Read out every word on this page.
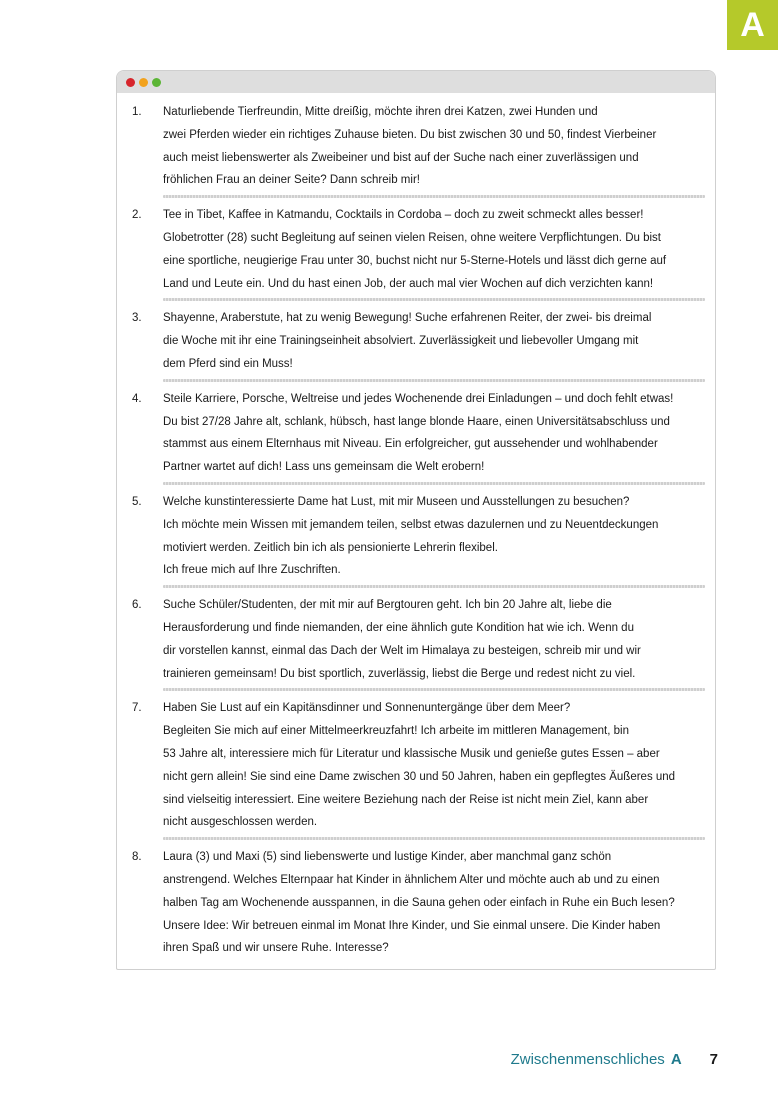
A
1. Naturliebende Tierfreundin, Mitte dreißig, möchte ihren drei Katzen, zwei Hunden und
zwei Pferden wieder ein richtiges Zuhause bieten. Du bist zwischen 30 und 50, findest Vierbeiner
auch meist liebenswerter als Zweibeiner und bist auf der Suche nach einer zuverlässigen und
fröhlichen Frau an deiner Seite? Dann schreib mir!
2. Tee in Tibet, Kaffee in Katmandu, Cocktails in Cordoba – doch zu zweit schmeckt alles besser!
Globetrotter (28) sucht Begleitung auf seinen vielen Reisen, ohne weitere Verpflichtungen. Du bist
eine sportliche, neugierige Frau unter 30, buchst nicht nur 5-Sterne-Hotels und lässt dich gerne auf
Land und Leute ein. Und du hast einen Job, der auch mal vier Wochen auf dich verzichten kann!
3. Shayenne, Araberstute, hat zu wenig Bewegung! Suche erfahrenen Reiter, der zwei- bis dreimal
die Woche mit ihr eine Trainingseinheit absolviert. Zuverlässigkeit und liebevoller Umgang mit
dem Pferd sind ein Muss!
4. Steile Karriere, Porsche, Weltreise und jedes Wochenende drei Einladungen – und doch fehlt etwas!
Du bist 27/28 Jahre alt, schlank, hübsch, hast lange blonde Haare, einen Universitätsabschluss und
stammst aus einem Elternhaus mit Niveau. Ein erfolgreicher, gut aussehender und wohlhabender
Partner wartet auf dich! Lass uns gemeinsam die Welt erobern!
5. Welche kunstinteressierte Dame hat Lust, mit mir Museen und Ausstellungen zu besuchen?
Ich möchte mein Wissen mit jemandem teilen, selbst etwas dazulernen und zu Neuentdeckungen
motiviert werden. Zeitlich bin ich als pensionierte Lehrerin flexibel.
Ich freue mich auf Ihre Zuschriften.
6. Suche Schüler/Studenten, der mit mir auf Bergtouren geht. Ich bin 20 Jahre alt, liebe die
Herausforderung und finde niemanden, der eine ähnlich gute Kondition hat wie ich. Wenn du
dir vorstellen kannst, einmal das Dach der Welt im Himalaya zu besteigen, schreib mir und wir
trainieren gemeinsam! Du bist sportlich, zuverlässig, liebst die Berge und redest nicht zu viel.
7. Haben Sie Lust auf ein Kapitänsdinner und Sonnenuntergänge über dem Meer?
Begleiten Sie mich auf einer Mittelmeerkreuzfahrt! Ich arbeite im mittleren Management, bin
53 Jahre alt, interessiere mich für Literatur und klassische Musik und genieße gutes Essen – aber
nicht gern allein! Sie sind eine Dame zwischen 30 und 50 Jahren, haben ein gepflegtes Äußeres und
sind vielseitig interessiert. Eine weitere Beziehung nach der Reise ist nicht mein Ziel, kann aber
nicht ausgeschlossen werden.
8. Laura (3) und Maxi (5) sind liebenswerte und lustige Kinder, aber manchmal ganz schön
anstrengend. Welches Elternpaar hat Kinder in ähnlichem Alter und möchte auch ab und zu einen
halben Tag am Wochenende ausspannen, in die Sauna gehen oder einfach in Ruhe ein Buch lesen?
Unsere Idee: Wir betreuen einmal im Monat Ihre Kinder, und Sie einmal unsere. Die Kinder haben
ihren Spaß und wir unsere Ruhe. Interesse?
Zwischenmenschliches A 7
